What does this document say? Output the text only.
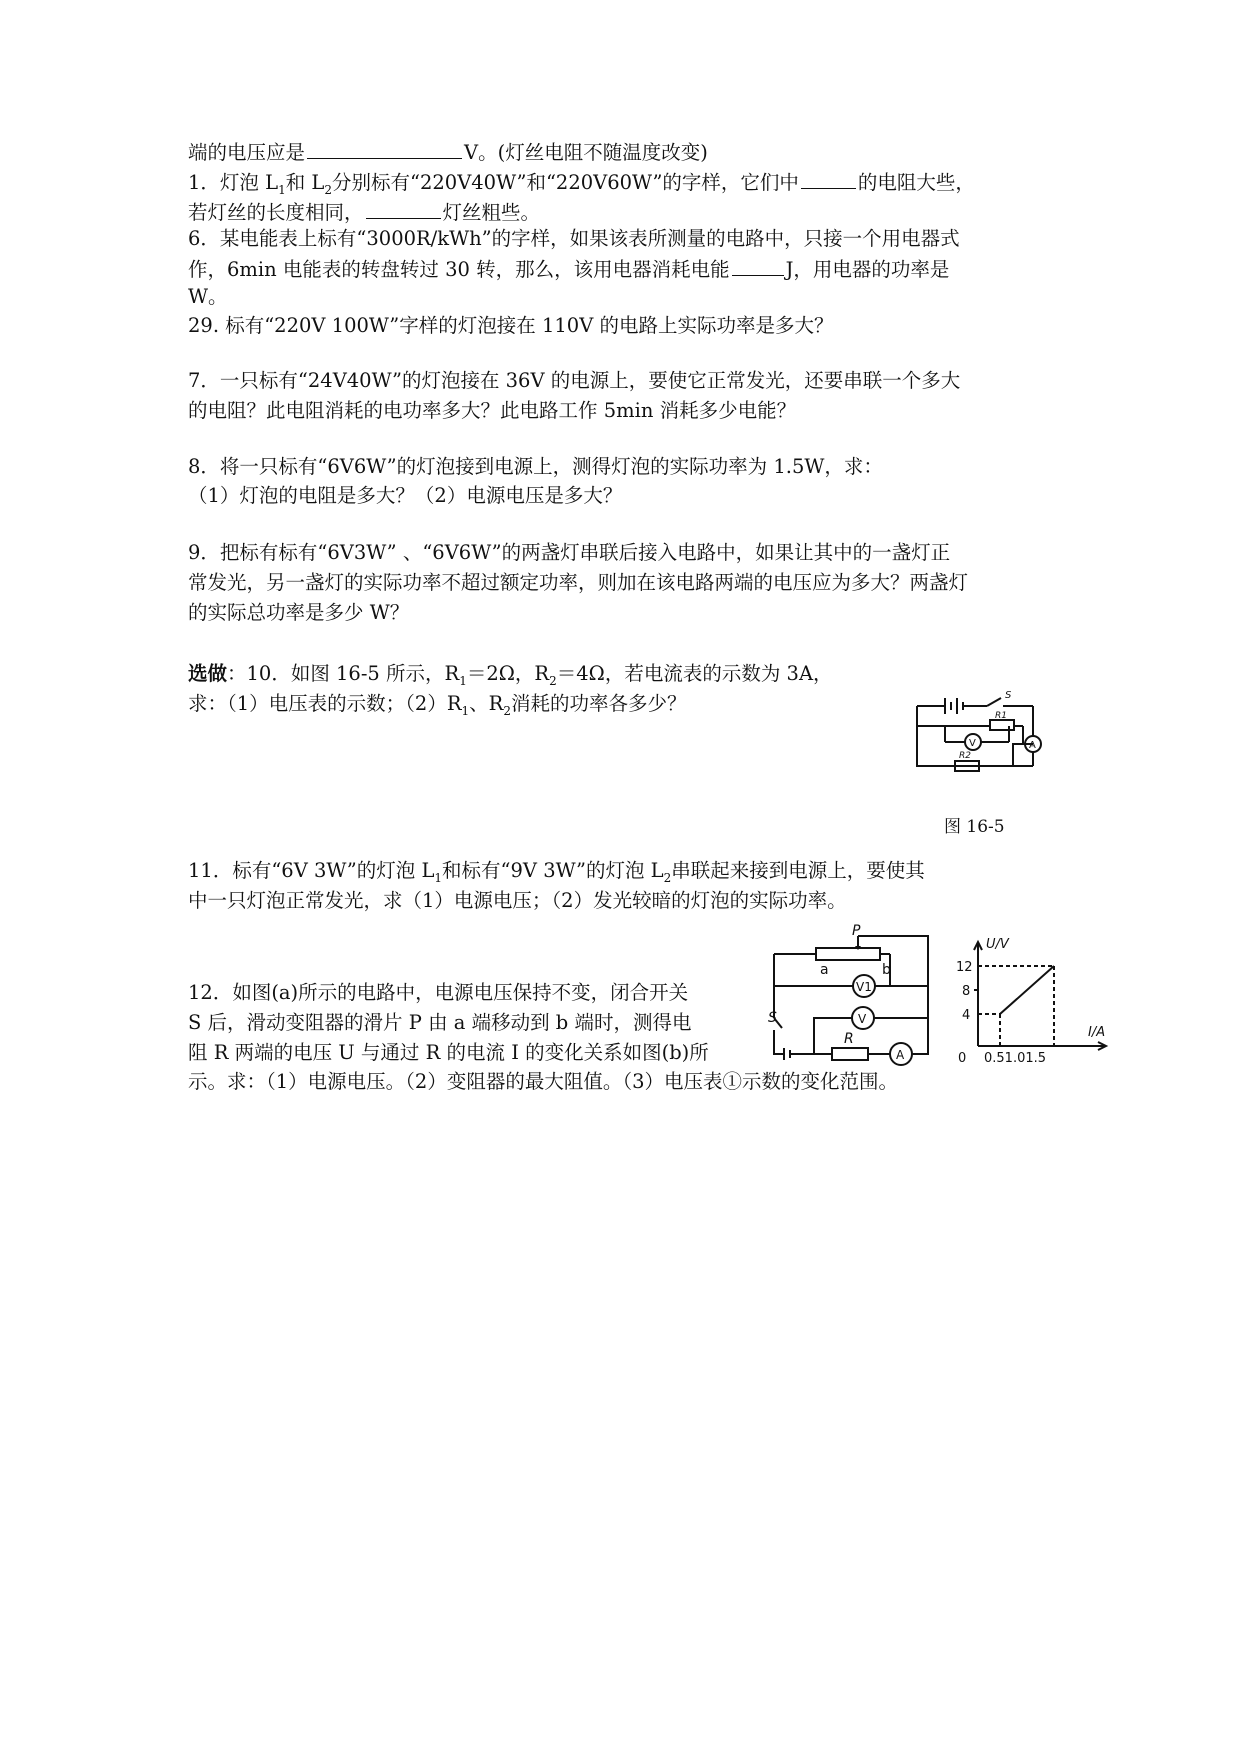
端的电压应是	V。(灯丝电阻不随温度改变)
1．灯泡 $L_1$和 $L_2$分别标有“220V40W”和“220V60W”的字样，它们中	的电阻大些，
若灯丝的长度相同，	灯丝粗些。
6．某电能表上标有“3000R/kWh”的字样，如果该表所测量的电路中，只接一个用电器式
作，6min 电能表的转盘转过 30 转，那么，该用电器消耗电能	J，用电器的功率是
W。
29. 标有“220V 100W”字样的灯泡接在 110V 的电路上实际功率是多大？
7．一只标有“24V40W”的灯泡接在 36V 的电源上，要使它正常发光，还要串联一个多大
的电阻？此电阻消耗的电功率多大？此电路工作 5min 消耗多少电能？
8．将一只标有“6V6W”的灯泡接到电源上，测得灯泡的实际功率为 1.5W，求：
（1）灯泡的电阻是多大？（2）电源电压是多大？
9．把标有标有“6V3W” 、“6V6W”的两盏灯串联后接入电路中，如果让其中的一盏灯正
常发光，另一盏灯的实际功率不超过额定功率，则加在该电路两端的电压应为多大？两盏灯
的实际总功率是多少 W？
选做：10．如图 16-5 所示，$R_1=2\Omega$，$R_2=4\Omega$，若电流表的示数为 3A，
求：（1）电压表的示数；$(2)R_1$、$R_2$消耗的功率各多少？	S
R1
R2
V	A
图 16-5
11．标有“6V 3W”的灯泡 $L_1$和标有“9V 3W”的灯泡 $L_2$串联起来接到电源上，要使其
中一只灯泡正常发光，求（1）电源电压；（2）发光较暗的灯泡的实际功率。
P
a	b
V1
V
S
R
A
U/V
I/A
12
8
4
0 0.51.01.5
12．如图(a)所示的电路中，电源电压保持不变，闭合开关
S 后，滑动变阻器的滑片 P 由 a 端移动到 b 端时，测得电
阻 R 两端的电压 U 与通过 R 的电流 I 的变化关系如图(b)所
示。求：（1）电源电压。（2）变阻器的最大阻值。（3）电压表①示数的变化范围。
